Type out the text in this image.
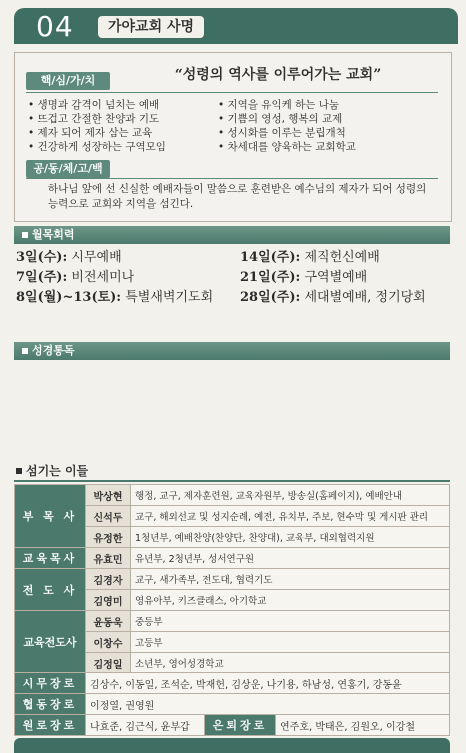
04	가야교회 사명
핵/심/가/치	“성령의 역사를 이루어가는 교회”
• 생명과 감격이 넘치는 예배
• 뜨겁고 간절한 찬양과 기도
• 제자 되어 제자 삼는 교육
• 건강하게 성장하는 구역모임
• 지역을 유익케 하는 나눔
• 기쁨의 영성, 행복의 교제
• 성시화를 이루는 분립개척
• 차세대를 양육하는 교회학교
공/동/체/고/백
하나님 앞에 선 신실한 예배자들이 말씀으로 훈련받은 예수님의 제자가 되어 성령의 능력으로 교회와 지역을 섬긴다.
월목회력
3일(수): 시무예배
7일(주): 비전세미나
8일(월)~13(토): 특별새벽기도회
14일(주): 제직헌신예배
21일(주): 구역별예배
28일(주): 세대별예배, 정기당회
성경통독
섬기는 이들
부 목 사	박상현	행정, 교구, 제자훈련원, 교육자원부, 방송실(홈페이지), 예배안내
	신석두	교구, 해외선교 및 성지순례, 예전, 유치부, 주보, 현수막 및 게시판 관리
	유정한	1청년부, 예배찬양(찬양단, 찬양대), 교육부, 대외협력지원
교육목사	유효민	유년부, 2청년부, 성서연구원
전 도 사	김경자	교구, 새가족부, 전도대, 협력기도
	김영미	영유아부, 키즈클래스, 아기학교
교육전도사	윤동욱	중등부
	이창수	고등부
	김정일	소년부, 영어성경학교
시무장로	김상수, 이동일, 조석순, 박재헌, 김상운, 나기용, 하남성, 연홍기, 강동윤
협동장로	이정열, 권영원
원로장로	나효준, 김근식, 윤부갑	은퇴장로	연주호, 박태은, 김원오, 이강철
